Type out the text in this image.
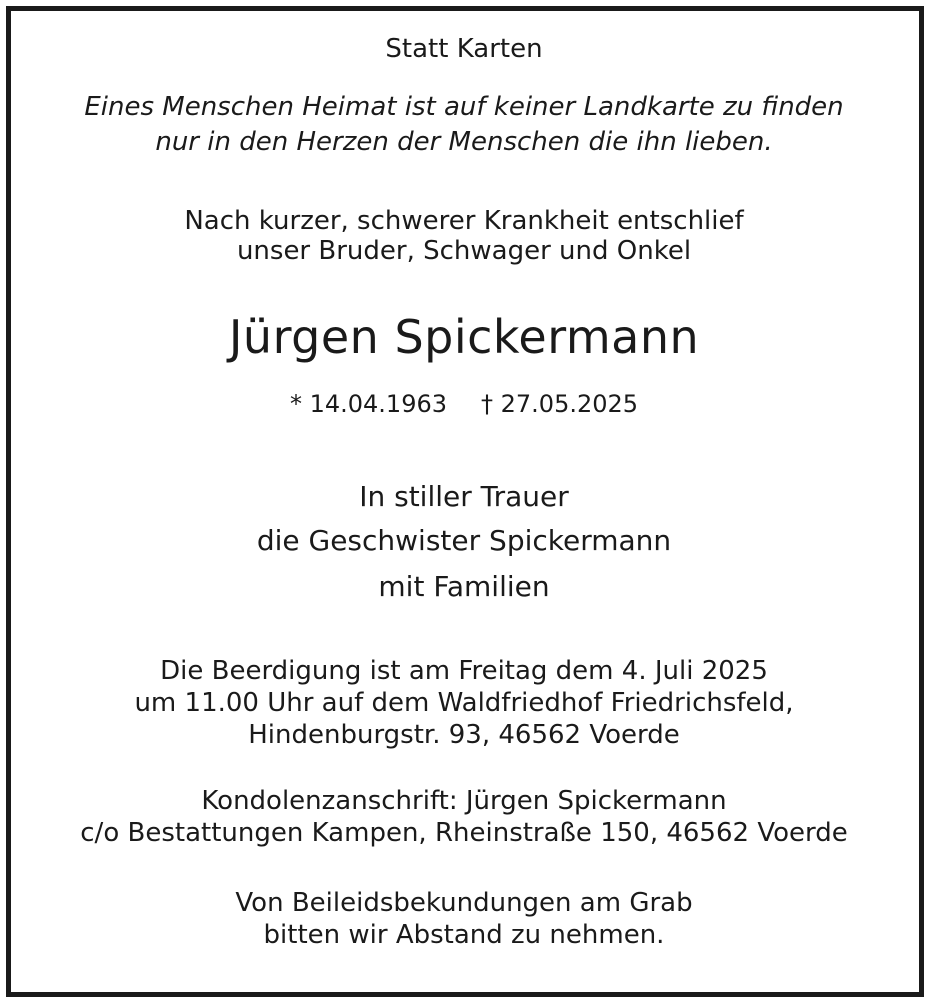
Statt Karten

Eines Menschen Heimat ist auf keiner Landkarte zu finden

nur in den Herzen der Menschen die ihn lieben.

Nach kurzer, schwerer Krankheit entschlief

unser Bruder, Schwager und Onkel

Jürgen Spickermann

* 14.04.1963 † 27.05.2025

In stiller Trauer

die Geschwister Spickermann

mit Familien

Die Beerdigung ist am Freitag dem 4. Juli 2025

um 11.00 Uhr auf dem Waldfriedhof Friedrichsfeld,

Hindenburgstr. 93, 46562 Voerde

Kondolenzanschrift: Jürgen Spickermann

c/o Bestattungen Kampen, Rheinstraße 150, 46562 Voerde

Von Beileidsbekundungen am Grab

bitten wir Abstand zu nehmen.
